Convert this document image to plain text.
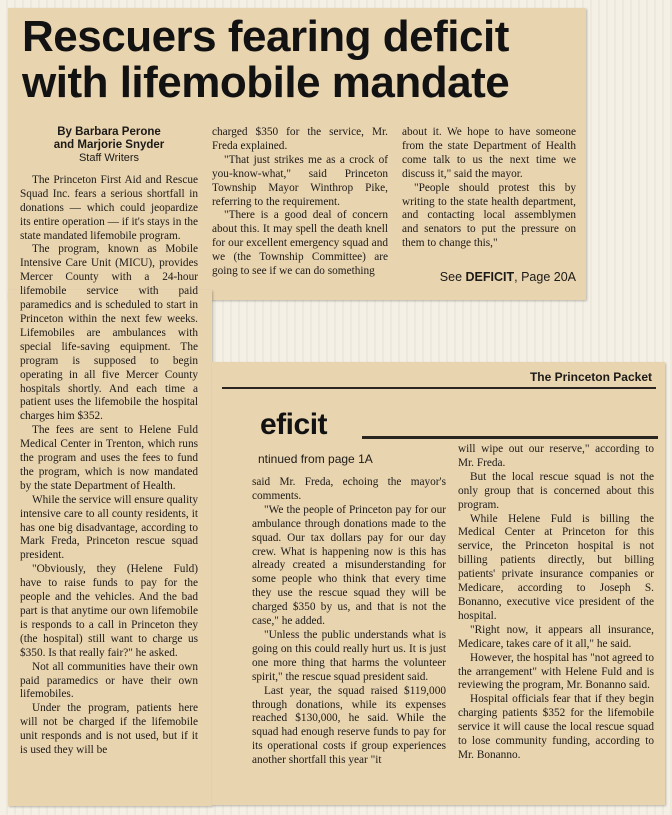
Rescuers fearing deficit with lifemobile mandate
By Barbara Perone
and Marjorie Snyder
Staff Writers

The Princeton First Aid and Rescue Squad Inc. fears a serious shortfall in donations — which could jeopardize its entire operation — if it's stays in the state mandated lifemobile program.

The program, known as Mobile Intensive Care Unit (MICU), provides Mercer County with a 24-hour lifemobile service with paid paramedics and is scheduled to start in Princeton within the next few weeks. Lifemobiles are ambulances with special life-saving equipment. The program is supposed to begin operating in all five Mercer County hospitals shortly. And each time a patient uses the lifemobile the hospital charges him $352.

The fees are sent to Helene Fuld Medical Center in Trenton, which runs the program and uses the fees to fund the program, which is now mandated by the state Department of Health.

While the service will ensure quality intensive care to all county residents, it has one big disadvantage, according to Mark Freda, Princeton rescue squad president.

"Obviously, they (Helene Fuld) have to raise funds to pay for the people and the vehicles. And the bad part is that anytime our own lifemobile is responds to a call in Princeton they (the hospital) still want to charge us $350. Is that really fair?" he asked.

Not all communities have their own paid paramedics or have their own lifemobiles.

Under the program, patients here will not be charged if the lifemobile unit responds and is not used, but if it is used they will be

charged $350 for the service, Mr. Freda explained.

"That just strikes me as a crock of you-know-what," said Princeton Township Mayor Winthrop Pike, referring to the requirement.

"There is a good deal of concern about this. It may spell the death knell for our excellent emergency squad and we (the Township Committee) are going to see if we can do something

about it. We hope to have someone from the state Department of Health come talk to us the next time we discuss it," said the mayor.

"People should protest this by writing to the state health department, and contacting local assemblymen and senators to put the pressure on them to change this,"

See DEFICIT, Page 20A
The Princeton Packet
eficit
ntinued from page 1A

said Mr. Freda, echoing the mayor's comments.

"We the people of Princeton pay for our ambulance through donations made to the squad. Our tax dollars pay for our day crew. What is happening now is this has already created a misunderstanding for some people who think that every time they use the rescue squad they will be charged $350 by us, and that is not the case," he added.

"Unless the public understands what is going on this could really hurt us. It is just one more thing that harms the volunteer spirit," the rescue squad president said.

Last year, the squad raised $119,000 through donations, while its expenses reached $130,000, he said. While the squad had enough reserve funds to pay for its operational costs if group experiences another shortfall this year "it

will wipe out our reserve," according to Mr. Freda.

But the local rescue squad is not the only group that is concerned about this program.

While Helene Fuld is billing the Medical Center at Princeton for this service, the Princeton hospital is not billing patients directly, but billing patients' private insurance companies or Medicare, according to Joseph S. Bonanno, executive vice president of the hospital.

"Right now, it appears all insurance, Medicare, takes care of it all," he said.

However, the hospital has "not agreed to the arrangement" with Helene Fuld and is reviewing the program, Mr. Bonanno said.

Hospital officials fear that if they begin charging patients $352 for the lifemobile service it will cause the local rescue squad to lose community funding, according to Mr. Bonanno.
